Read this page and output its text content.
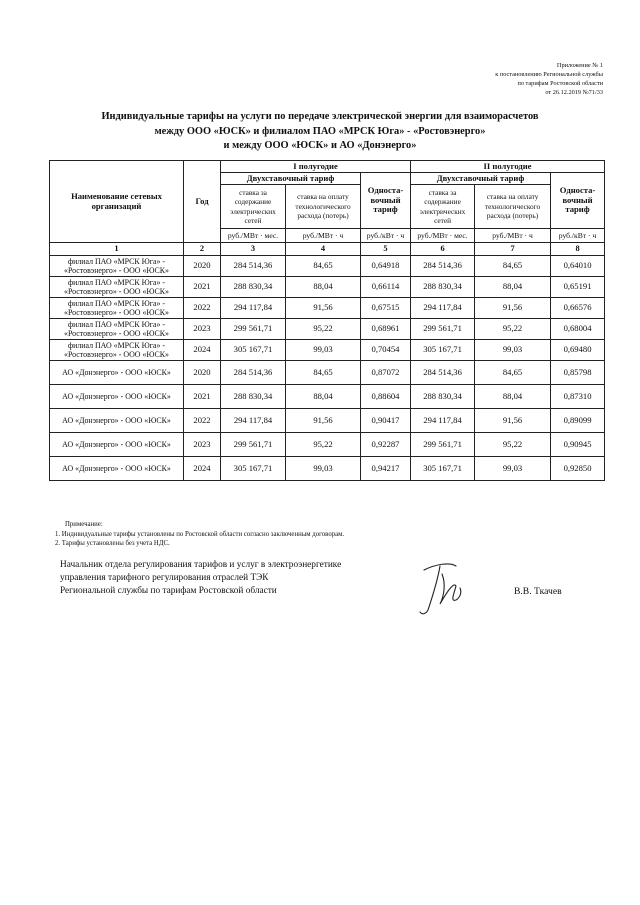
Приложение № 1
к постановлению Региональной службы
по тарифам Ростовской области
от 26.12.2019 №71/33
Индивидуальные тарифы на услуги по передаче электрической энергии для взаиморасчетов
между ООО «ЮСК» и филиалом ПАО «МРСК Юга» - «Ростовэнерго»
и между ООО «ЮСК» и АО «Донэнерго»
Наименование сетевых организаций	Год	I полугодие			II полугодие		
		Двухставочный тариф		Односта-вочный тариф	Двухставочный тариф		Односта-вочный тариф
		ставка за содержание электрических сетей	ставка на оплату технологического расхода (потерь)		ставка за содержание электрических сетей	ставка на оплату технологического расхода (потерь)	
		руб./МВт · мес.	руб./МВт · ч	руб./кВт · ч	руб./МВт · мес.	руб./МВт · ч	руб./кВт · ч
1	2	3	4	5	6	7	8
филиал ПАО «МРСК Юга» - «Ростовэнерго» - ООО «ЮСК»	2020	284 514,36	84,65	0,64918	284 514,36	84,65	0,64010
филиал ПАО «МРСК Юга» - «Ростовэнерго» - ООО «ЮСК»	2021	288 830,34	88,04	0,66114	288 830,34	88,04	0,65191
филиал ПАО «МРСК Юга» - «Ростовэнерго» - ООО «ЮСК»	2022	294 117,84	91,56	0,67515	294 117,84	91,56	0,66576
филиал ПАО «МРСК Юга» - «Ростовэнерго» - ООО «ЮСК»	2023	299 561,71	95,22	0,68961	299 561,71	95,22	0,68004
филиал ПАО «МРСК Юга» - «Ростовэнерго» - ООО «ЮСК»	2024	305 167,71	99,03	0,70454	305 167,71	99,03	0,69480
АО «Донэнерго» - ООО «ЮСК»	2020	284 514,36	84,65	0,87072	284 514,36	84,65	0,85798
АО «Донэнерго» - ООО «ЮСК»	2021	288 830,34	88,04	0,88604	288 830,34	88,04	0,87310
АО «Донэнерго» - ООО «ЮСК»	2022	294 117,84	91,56	0,90417	294 117,84	91,56	0,89099
АО «Донэнерго» - ООО «ЮСК»	2023	299 561,71	95,22	0,92287	299 561,71	95,22	0,90945
АО «Донэнерго» - ООО «ЮСК»	2024	305 167,71	99,03	0,94217	305 167,71	99,03	0,92850
Примечание:
1. Индивидуальные тарифы установлены по Ростовской области согласно заключенным договорам.
2. Тарифы установлены без учета НДС.
Начальник отдела регулирования тарифов и услуг в электроэнергетике
управления тарифного регулирования отраслей ТЭК
Региональной службы по тарифам Ростовской области	В.В. Ткачев
